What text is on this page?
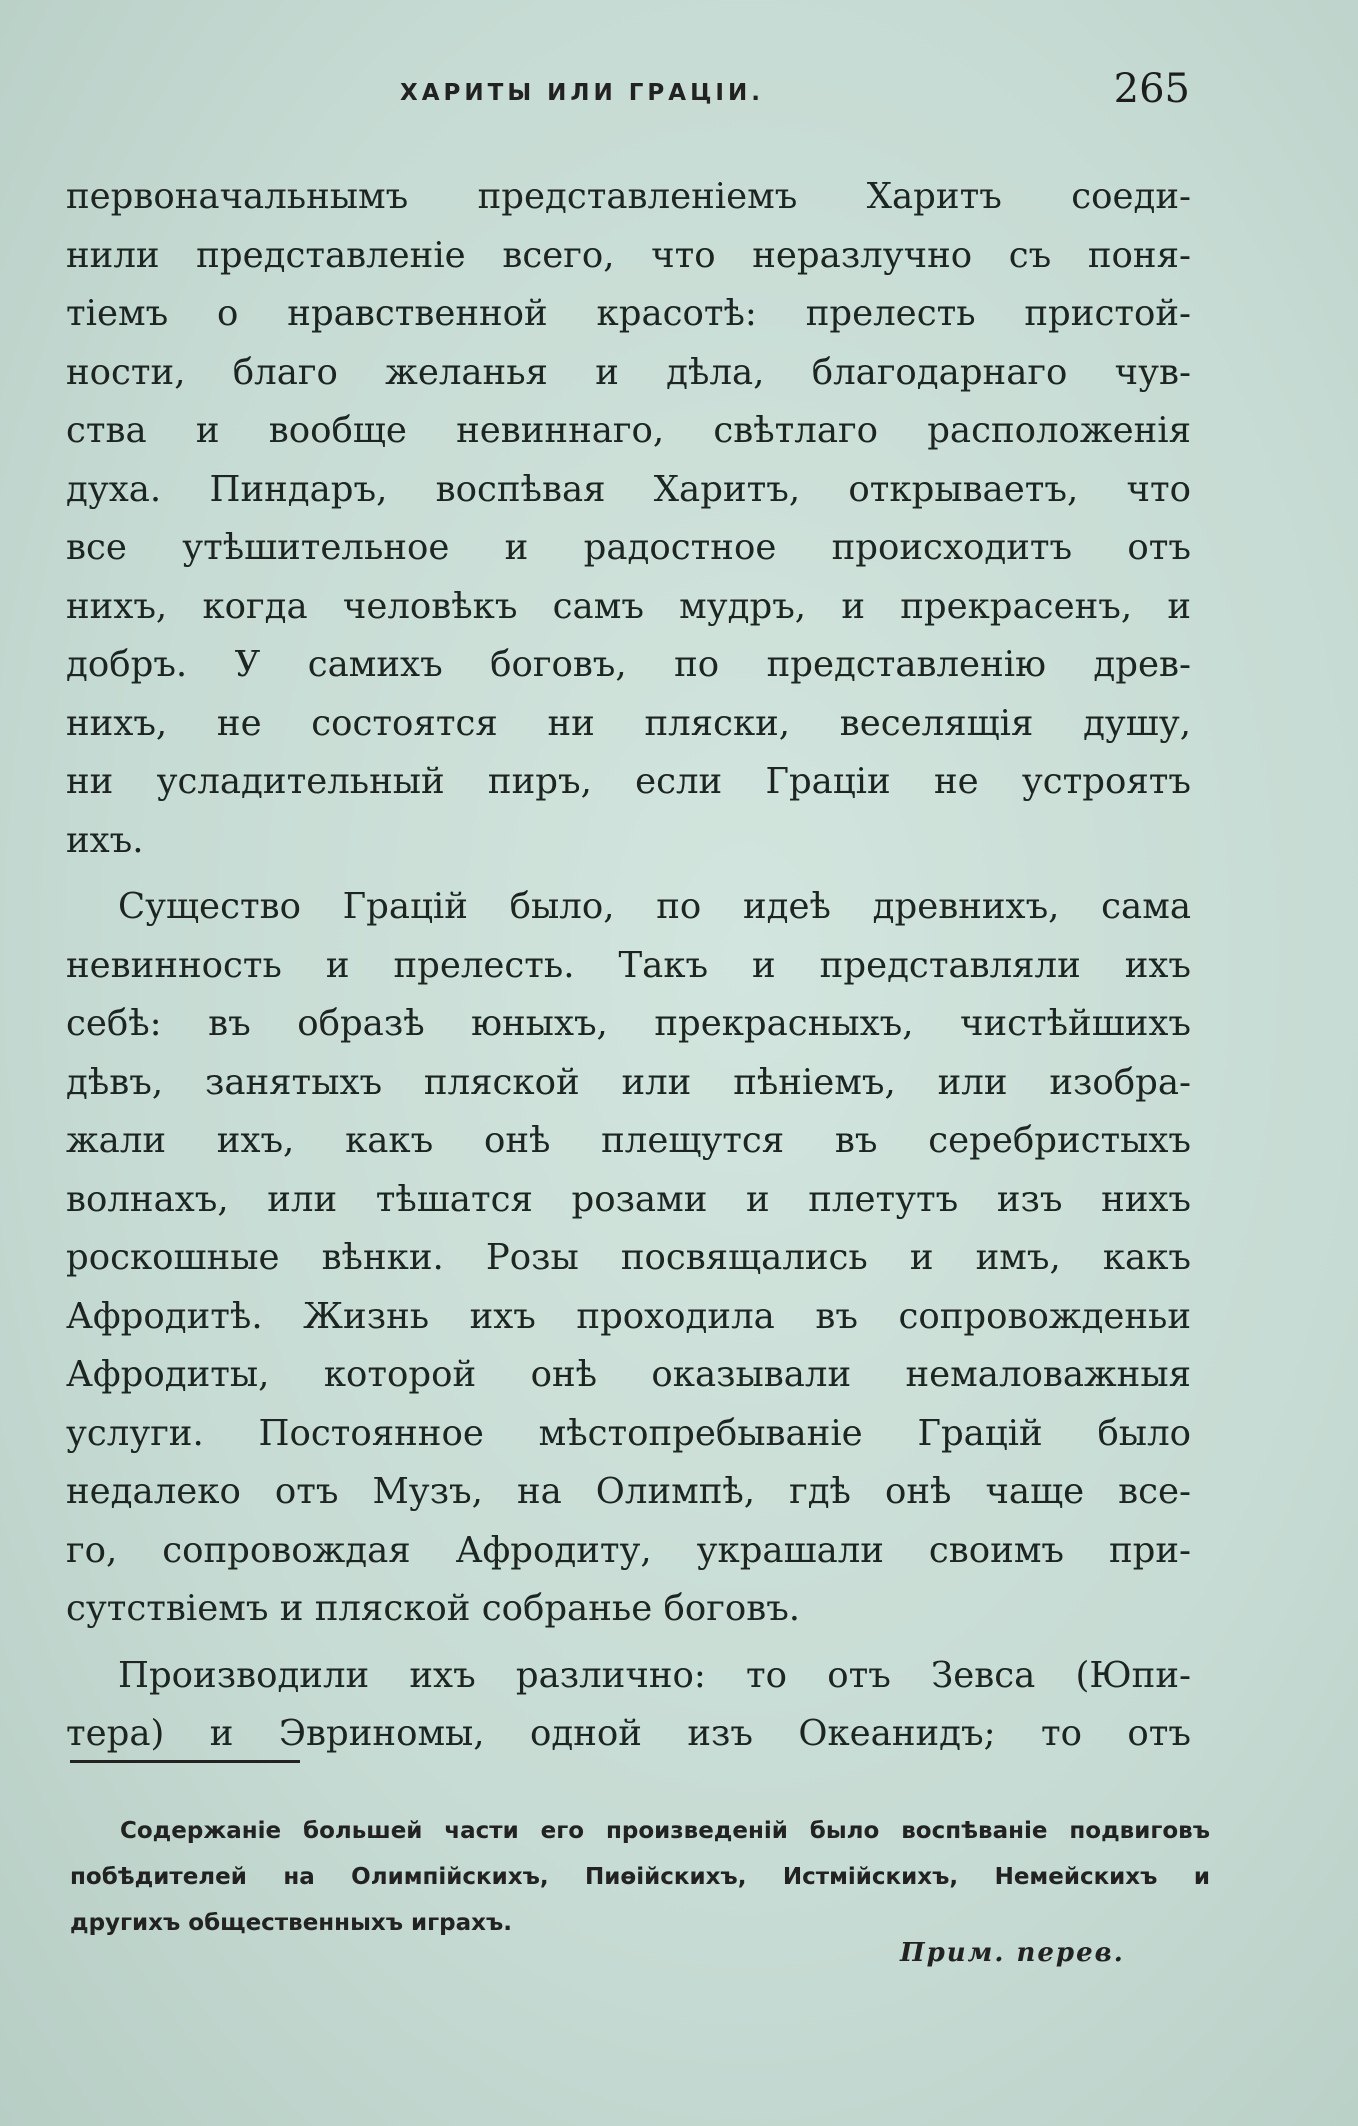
ХАРИТЫ ИЛИ ГРАЦІИ.	265
первоначальнымъ представленіемъ Харитъ соеди-
нили представленіе всего, что неразлучно съ поня-
тіемъ о нравственной красотѣ: прелесть пристой-
ности, благо желанья и дѣла, благодарнаго чув-
ства и вообще невиннаго, свѣтлаго расположенія
духа. Пиндаръ, воспѣвая Харитъ, открываетъ, что
все утѣшительное и радостное происходитъ отъ
нихъ, когда человѣкъ самъ мудръ, и прекрасенъ, и
добръ. У самихъ боговъ, по представленію древ-
нихъ, не состоятся ни пляски, веселящія душу,
ни усладительный пиръ, если Граціи не устроятъ
ихъ.
Существо Грацій было, по идеѣ древнихъ, сама
невинность и прелесть. Такъ и представляли ихъ
себѣ: въ образѣ юныхъ, прекрасныхъ, чистѣйшихъ
дѣвъ, занятыхъ пляской или пѣніемъ, или изобра-
жали ихъ, какъ онѣ плещутся въ серебристыхъ
волнахъ, или тѣшатся розами и плетутъ изъ нихъ
роскошные вѣнки. Розы посвящались и имъ, какъ
Афродитѣ. Жизнь ихъ проходила въ сопровожденьи
Афродиты, которой онѣ оказывали немаловажныя
услуги. Постоянное мѣстопребываніе Грацій было
недалеко отъ Музъ, на Олимпѣ, гдѣ онѣ чаще все-
го, сопровождая Афродиту, украшали своимъ при-
сутствіемъ и пляской собранье боговъ.
Производили ихъ различно: то отъ Зевса (Юпи-
тера) и Эвриномы, одной изъ Океанидъ; то отъ
Содержаніе большей части его произведеній было воспѣваніе подвиговъ
побѣдителей на Олимпійскихъ, Пиѳійскихъ, Истмійскихъ, Немейскихъ и
другихъ общественныхъ играхъ.
Прим. перев.
